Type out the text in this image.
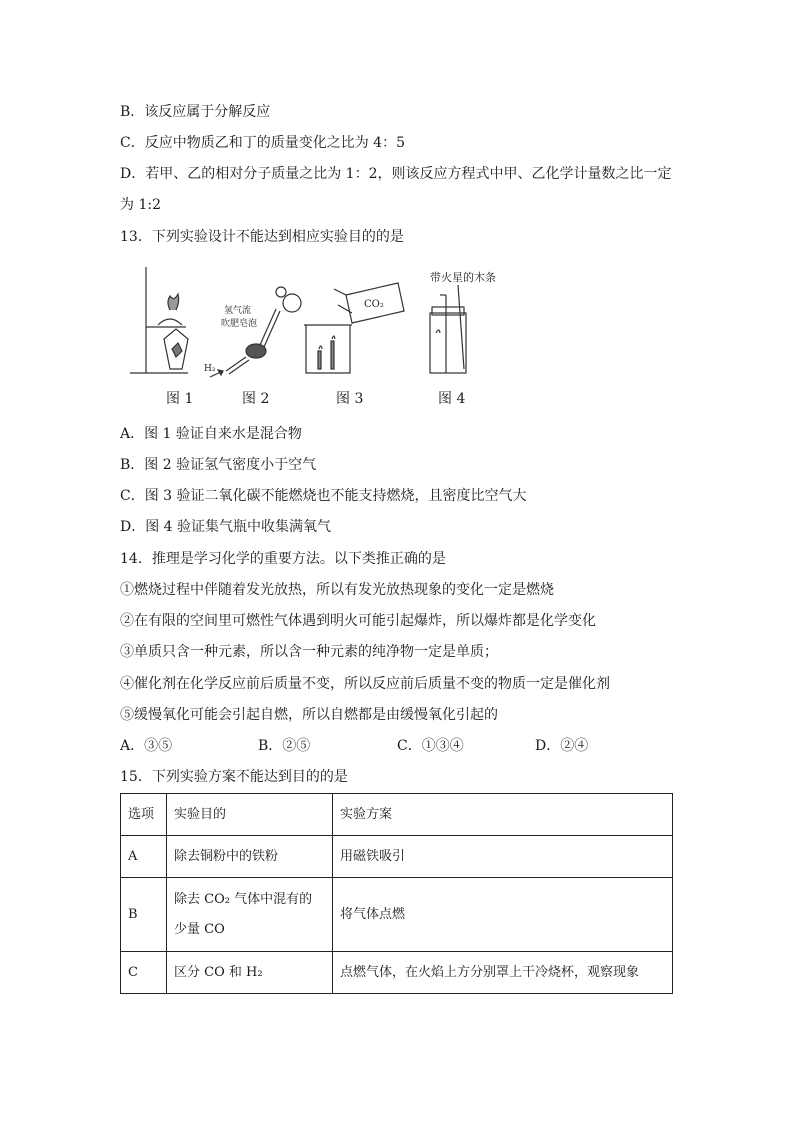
B．该反应属于分解反应
C．反应中物质乙和丁的质量变化之比为 4：5
D．若甲、乙的相对分子质量之比为 1：2，则该反应方程式中甲、乙化学计量数之比一定
为 1:2
13．下列实验设计不能达到相应实验目的的是
氢气流
吹肥皂泡
H₂
CO₂
带火星的木条
图 1	图 2	图 3	图 4
A．图 1 验证自来水是混合物
B．图 2 验证氢气密度小于空气
C．图 3 验证二氧化碳不能燃烧也不能支持燃烧，且密度比空气大
D．图 4 验证集气瓶中收集满氧气
14．推理是学习化学的重要方法。以下类推正确的是
①燃烧过程中伴随着发光放热，所以有发光放热现象的变化一定是燃烧
②在有限的空间里可燃性气体遇到明火可能引起爆炸，所以爆炸都是化学变化
③单质只含一种元素，所以含一种元素的纯净物一定是单质；
④催化剂在化学反应前后质量不变，所以反应前后质量不变的物质一定是催化剂
⑤缓慢氧化可能会引起自燃，所以自燃都是由缓慢氧化引起的
A．③⑤	B．②⑤	C．①③④	D．②④
15．下列实验方案不能达到目的的是
选项	实验目的	实验方案
A	除去铜粉中的铁粉	用磁铁吸引
B	除去 CO₂ 气体中混有的
少量 CO	将气体点燃
C	区分 CO 和 H₂	点燃气体，在火焰上方分别罩上干冷烧杯，观察现象
